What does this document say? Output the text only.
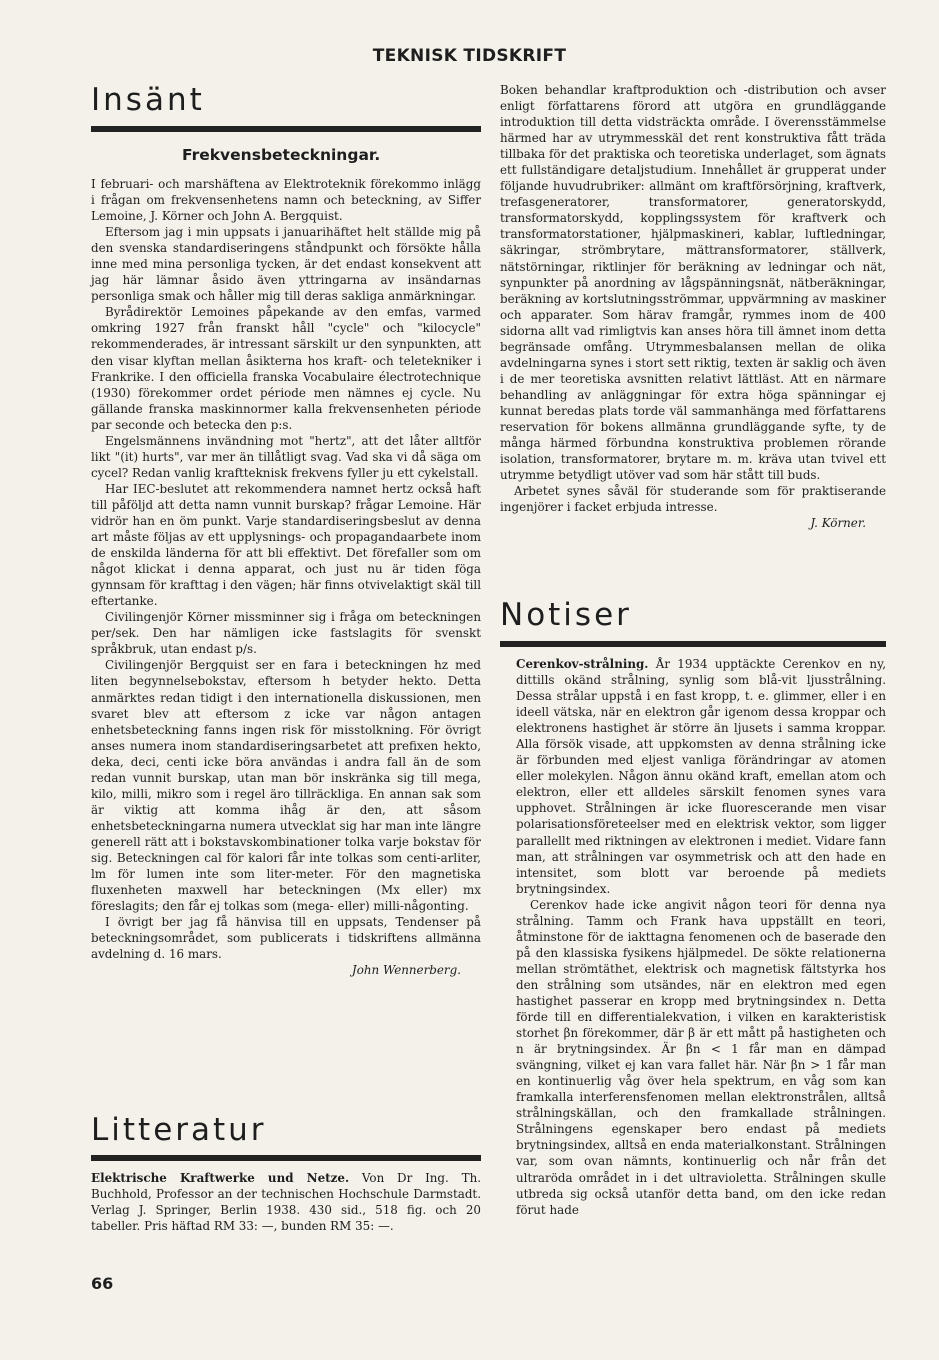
TEKNISK TIDSKRIFT
Insänt
Frekvensbeteckningar.

I februari- och marshäftena av Elektroteknik förekommo inlägg i frågan om frekvensenhetens namn och beteckning, av Siffer Lemoine, J. Körner och John A. Bergquist.

Eftersom jag i min uppsats i januarihäftet helt ställde mig på den svenska standardiseringens ståndpunkt och försökte hålla inne med mina personliga tycken, är det endast konsekvent att jag här lämnar åsido även yttringarna av insändarnas personliga smak och håller mig till deras sakliga anmärkningar.

Byrådirektör Lemoines påpekande av den emfas, varmed omkring 1927 från franskt håll "cycle" och "kilocycle" rekommenderades, är intressant särskilt ur den synpunkten, att den visar klyftan mellan åsikterna hos kraft- och teletekniker i Frankrike. I den officiella franska Vocabulaire électrotechnique (1930) förekommer ordet période men nämnes ej cycle. Nu gällande franska maskinnormer kalla frekvensenheten période par seconde och betecka den p:s.

Engelsmännens invändning mot "hertz", att det låter alltför likt "(it) hurts", var mer än tillåtligt svag. Vad ska vi då säga om cycel? Redan vanlig kraftteknisk frekvens fyller ju ett cykelstall.

Har IEC-beslutet att rekommendera namnet hertz också haft till påföljd att detta namn vunnit burskap? frågar Lemoine. Här vidrör han en öm punkt. Varje standardiseringsbeslut av denna art måste följas av ett upplysnings- och propagandaarbete inom de enskilda länderna för att bli effektivt. Det förefaller som om något klickat i denna apparat, och just nu är tiden föga gynnsam för krafttag i den vägen; här finns otvivelaktigt skäl till eftertanke.

Civilingenjör Körner missminner sig i fråga om beteckningen per/sek. Den har nämligen icke fastslagits för svenskt språkbruk, utan endast p/s.

Civilingenjör Bergquist ser en fara i beteckningen hz med liten begynnelsebokstav, eftersom h betyder hekto. Detta anmärktes redan tidigt i den internationella diskussionen, men svaret blev att eftersom z icke var någon antagen enhetsbeteckning fanns ingen risk för misstolkning. För övrigt anses numera inom standardiseringsarbetet att prefixen hekto, deka, deci, centi icke böra användas i andra fall än de som redan vunnit burskap, utan man bör inskränka sig till mega, kilo, milli, mikro som i regel äro tillräckliga. En annan sak som är viktig att komma ihåg är den, att såsom enhetsbeteckningarna numera utvecklat sig har man inte längre generell rätt att i bokstavskombinationer tolka varje bokstav för sig. Beteckningen cal för kalori får inte tolkas som centi-arliter, lm för lumen inte som liter-meter. För den magnetiska fluxenheten maxwell har beteckningen (Mx eller) mx föreslagits; den får ej tolkas som (mega- eller) milli-någonting.

I övrigt ber jag få hänvisa till en uppsats, Tendenser på beteckningsområdet, som publicerats i tidskriftens allmänna avdelning d. 16 mars.

John Wennerberg.

Litteratur

Elektrische Kraftwerke und Netze. Von Dr Ing. Th. Buchhold, Professor an der technischen Hochschule Darmstadt. Verlag J. Springer, Berlin 1938. 430 sid., 518 fig. och 20 tabeller. Pris häftad RM 33: —, bunden RM 35: —.

Boken behandlar kraftproduktion och -distribution och avser enligt författarens förord att utgöra en grundläggande introduktion till detta vidsträckta område. I överensstämmelse härmed har av utrymmesskäl det rent konstruktiva fått träda tillbaka för det praktiska och teoretiska underlaget, som ägnats ett fullständigare detaljstudium. Innehållet är grupperat under följande huvudrubriker: allmänt om kraftförsörjning, kraftverk, trefasgeneratorer, transformatorer, generatorskydd, transformatorskydd, kopplingssystem för kraftverk och transformatorstationer, hjälpmaskineri, kablar, luftledningar, säkringar, strömbrytare, mättransformatorer, ställverk, nätstörningar, riktlinjer för beräkning av ledningar och nät, synpunkter på anordning av lågspänningsnät, nätberäkningar, beräkning av kortslutningsströmmar, uppvärmning av maskiner och apparater. Som härav framgår, rymmes inom de 400 sidorna allt vad rimligtvis kan anses höra till ämnet inom detta begränsade omfång. Utrymmesbalansen mellan de olika avdelningarna synes i stort sett riktig, texten är saklig och även i de mer teoretiska avsnitten relativt lättläst. Att en närmare behandling av anläggningar för extra höga spänningar ej kunnat beredas plats torde väl sammanhänga med författarens reservation för bokens allmänna grundläggande syfte, ty de många härmed förbundna konstruktiva problemen rörande isolation, transformatorer, brytare m. m. kräva utan tvivel ett utrymme betydligt utöver vad som här stått till buds.

Arbetet synes såväl för studerande som för praktiserande ingenjörer i facket erbjuda intresse.

J. Körner.

Notiser

Cerenkov-strålning. År 1934 upptäckte Cerenkov en ny, dittills okänd strålning, synlig som blå-vit ljusstrålning. Dessa strålar uppstå i en fast kropp, t. e. glimmer, eller i en ideell vätska, när en elektron går igenom dessa kroppar och elektronens hastighet är större än ljusets i samma kroppar. Alla försök visade, att uppkomsten av denna strålning icke är förbunden med eljest vanliga förändringar av atomen eller molekylen. Någon ännu okänd kraft, emellan atom och elektron, eller ett alldeles särskilt fenomen synes vara upphovet. Strålningen är icke fluorescerande men visar polarisationsföreteelser med en elektrisk vektor, som ligger parallellt med riktningen av elektronen i mediet. Vidare fann man, att strålningen var osymmetrisk och att den hade en intensitet, som blott var beroende på mediets brytningsindex.

Cerenkov hade icke angivit någon teori för denna nya strålning. Tamm och Frank hava uppställt en teori, åtminstone för de iakttagna fenomenen och de baserade den på den klassiska fysikens hjälpmedel. De sökte relationerna mellan strömtäthet, elektrisk och magnetisk fältstyrka hos den strålning som utsändes, när en elektron med egen hastighet passerar en kropp med brytningsindex n. Detta förde till en differentialekvation, i vilken en karakteristisk storhet βn förekommer, där β är ett mått på hastigheten och n är brytningsindex. Är βn < 1 får man en dämpad svängning, vilket ej kan vara fallet här. När βn > 1 får man en kontinuerlig våg över hela spektrum, en våg som kan framkalla interferensfenomen mellan elektronstrålen, alltså strålningskällan, och den framkallade strålningen. Strålningens egenskaper bero endast på mediets brytningsindex, alltså en enda materialkonstant. Strålningen var, som ovan nämnts, kontinuerlig och når från det ultraröda området in i det ultravioletta. Strålningen skulle utbreda sig också utanför detta band, om den icke redan förut hade

66
